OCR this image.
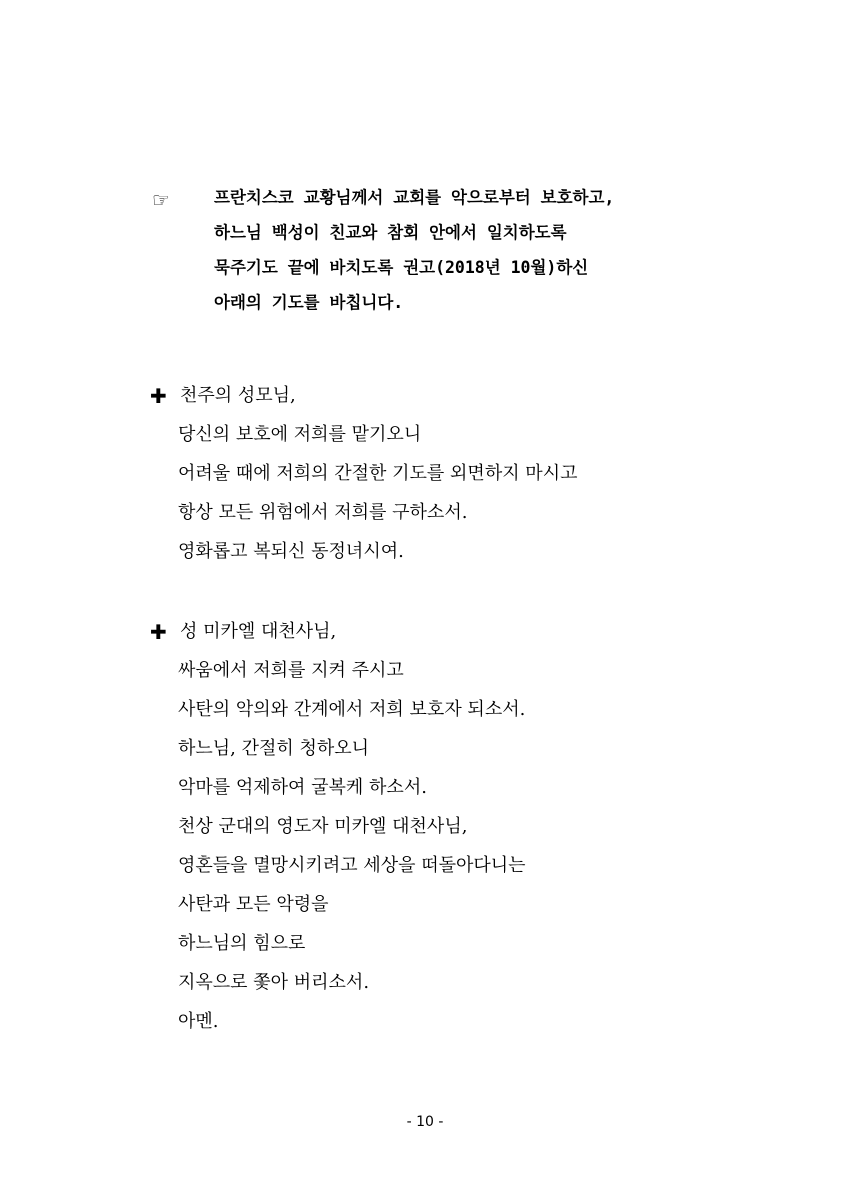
☞	프란치스코 교황님께서 교회를 악으로부터 보호하고,
하느님 백성이 친교와 참회 안에서 일치하도록
묵주기도 끝에 바치도록 권고(2018년 10월)하신
아래의 기도를 바칩니다.
✚ 천주의 성모님,
당신의 보호에 저희를 맡기오니
어려울 때에 저희의 간절한 기도를 외면하지 마시고
항상 모든 위험에서 저희를 구하소서.
영화롭고 복되신 동정녀시여.
✚ 성 미카엘 대천사님,
싸움에서 저희를 지켜 주시고
사탄의 악의와 간계에서 저희 보호자 되소서.
하느님, 간절히 청하오니
악마를 억제하여 굴복케 하소서.
천상 군대의 영도자 미카엘 대천사님,
영혼들을 멸망시키려고 세상을 떠돌아다니는
사탄과 모든 악령을
하느님의 힘으로
지옥으로 쫓아 버리소서.
아멘.
- 10 -
